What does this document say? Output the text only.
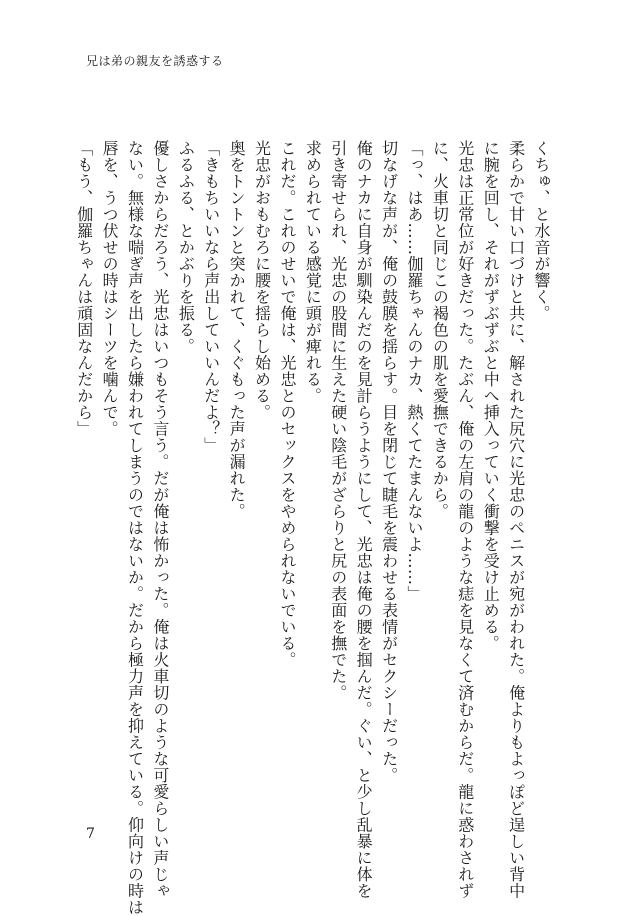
兄は弟の親友を誘惑する
くちゅ、と水音が響く。
柔らかで甘い口づけと共に、解された尻穴に光忠のペニスが宛がわれた。俺よりもよっぽど逞しい背中
に腕を回し、それがずぶずぶと中へ挿入っていく衝撃を受け止める。
光忠は正常位が好きだった。たぶん、俺の左肩の龍のような痣を見なくて済むからだ。龍に惑わされず
に、火車切と同じこの褐色の肌を愛撫できるから。
「っ、はあ……伽羅ちゃんのナカ、熱くてたまんないよ……」
切なげな声が、俺の鼓膜を揺らす。目を閉じて睫毛を震わせる表情がセクシーだった。
俺のナカに自身が馴染んだのを見計らうようにして、光忠は俺の腰を掴んだ。ぐい、と少し乱暴に体を
引き寄せられ、光忠の股間に生えた硬い陰毛がざらりと尻の表面を撫でた。
求められている感覚に頭が痺れる。
これだ。これのせいで俺は、光忠とのセックスをやめられないでいる。
光忠がおもむろに腰を揺らし始める。
奥をトントンと突かれて、くぐもった声が漏れた。
「きもちいいなら声出していいんだよ？」
ふるふる、とかぶりを振る。
優しさからだろう、光忠はいつもそう言う。だが俺は怖かった。俺は火車切のような可愛らしい声じゃ
ない。無様な喘ぎ声を出したら嫌われてしまうのではないか。だから極力声を抑えている。仰向けの時は
唇を、うつ伏せの時はシーツを噛んで。
「もう、伽羅ちゃんは頑固なんだから」
7
